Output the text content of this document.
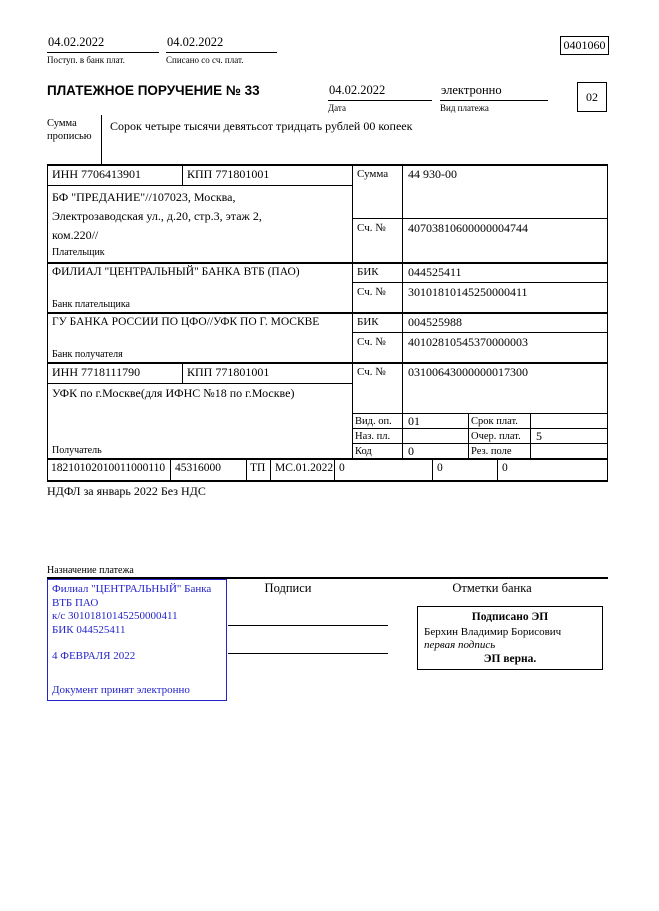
04.02.2022
Поступ. в банк плат.
04.02.2022
Списано со сч. плат.
0401060
ПЛАТЕЖНОЕ ПОРУЧЕНИЕ № 33	04.02.2022
Дата
электронно
Вид платежа
02
Сумма прописью
Сорок четыре тысячи девятьсот тридцать рублей 00 копеек
ИНН 7706413901	КПП 771801001
БФ "ПРЕДАНИЕ"//107023, Москва, Электрозаводская ул., д.20, стр.3, этаж 2, ком.220//
Плательщик
Сумма 44 930-00
Сч. № 40703810600000004744
ФИЛИАЛ "ЦЕНТРАЛЬНЫЙ" БАНКА ВТБ (ПАО)
Банк плательщика
БИК 044525411
Сч. № 30101810145250000411
ГУ БАНКА РОССИИ ПО ЦФО//УФК ПО Г. МОСКВЕ
Банк получателя
БИК 004525988
Сч. № 40102810545370000003
ИНН 7718111790	КПП 771801001	Сч. № 03100643000000017300
УФК по г.Москве(для ИФНС №18 по г.Москве)
Получатель
Вид. оп. 01	Срок плат.
Наз. пл.	Очер. плат. 5
Код	0	Рез. поле
18210102010011000110 45316000	ТП МС.01.2022 0	0	0
НДФЛ за январь 2022 Без НДС
Назначение платежа
Подписи	Отметки банка
Филиал "ЦЕНТРАЛЬНЫЙ" Банка ВТБ ПАО
к/с 30101810145250000411
БИК 044525411
4 ФЕВРАЛЯ 2022
Документ принят электронно
Подписано ЭП
Берхин Владимир Борисович
первая подпись
ЭП верна.
